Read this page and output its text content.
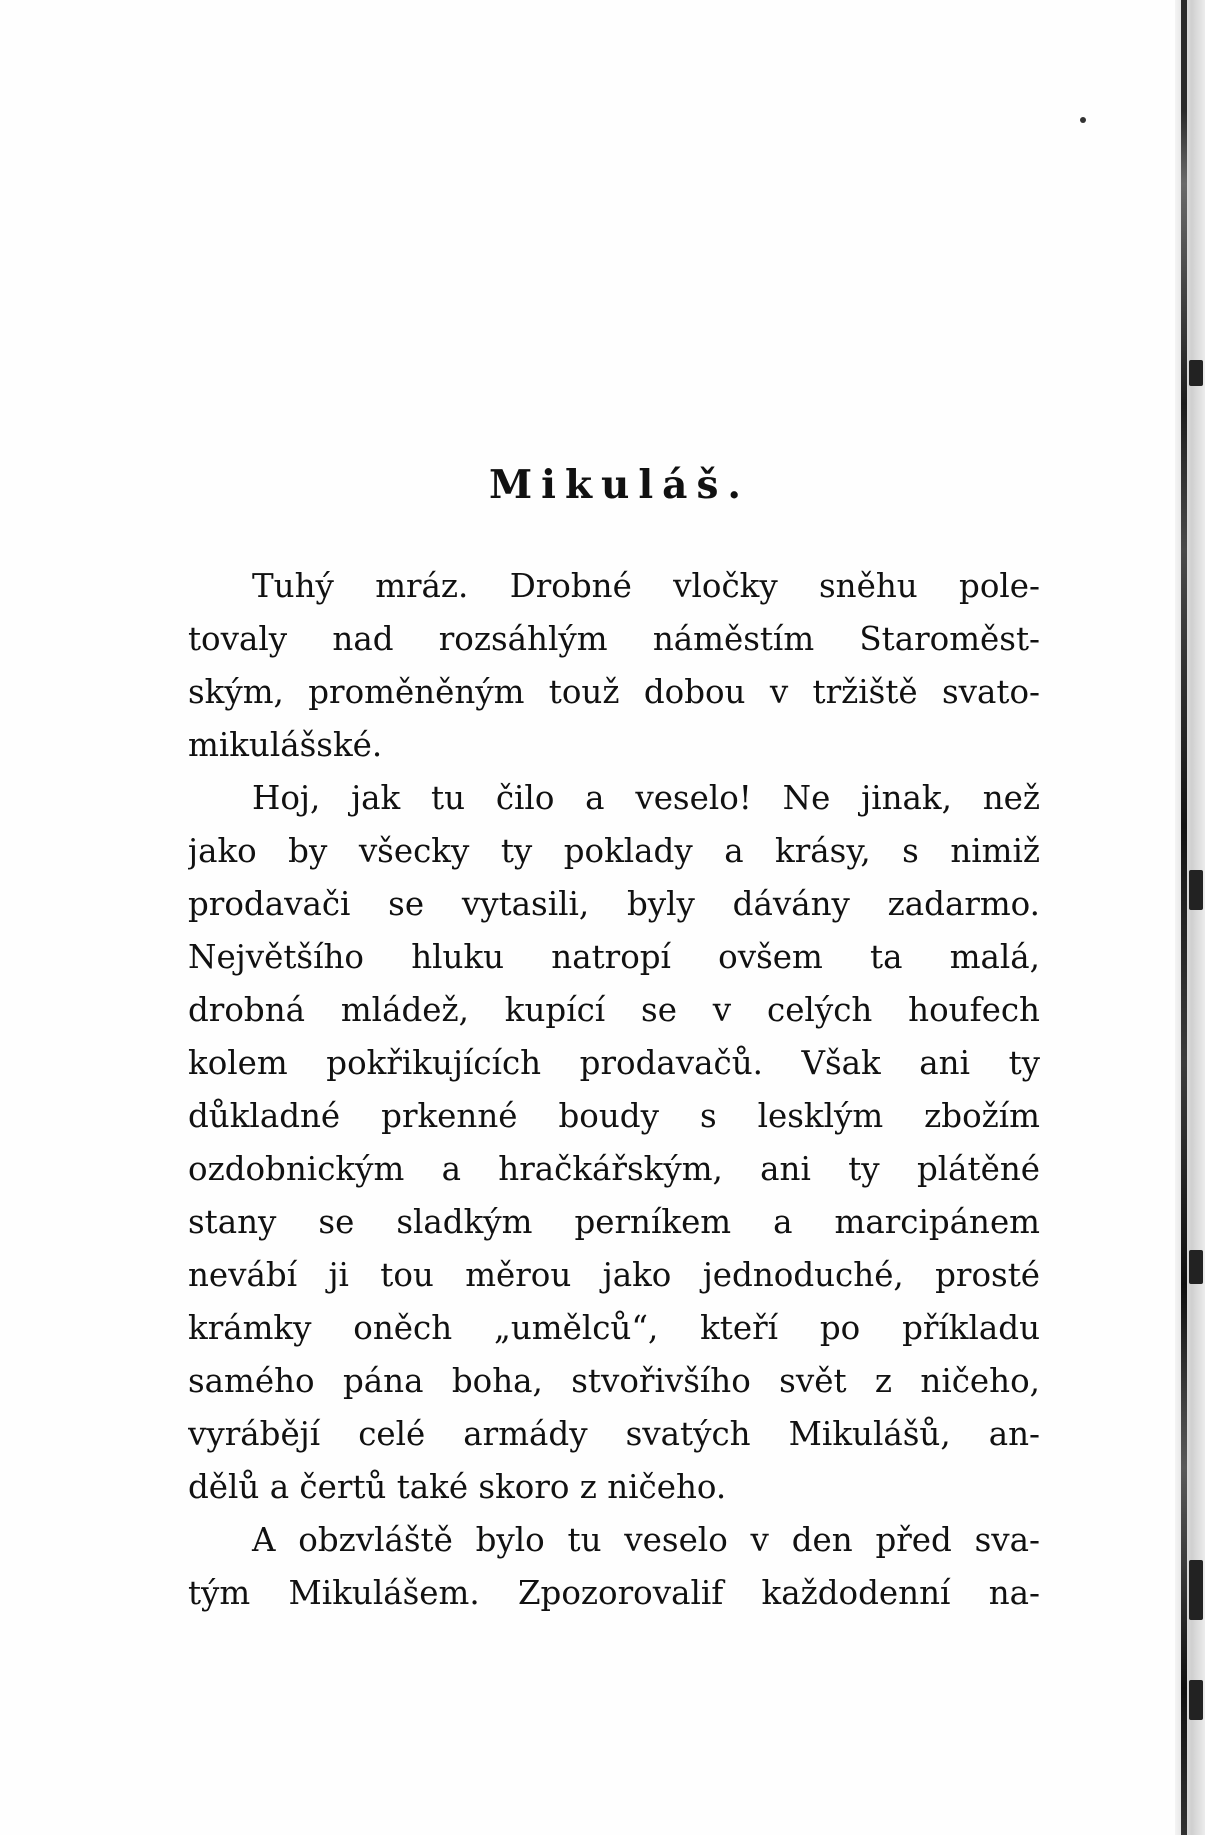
Mikuláš.
Tuhý mráz. Drobné vločky sněhu pole-
tovaly nad rozsáhlým náměstím Staroměst-
ským, proměněným touž dobou v tržiště svato-
mikulášské.
Hoj, jak tu čilo a veselo! Ne jinak, než
jako by všecky ty poklady a krásy, s nimiž
prodavači se vytasili, byly dávány zadarmo.
Největšího hluku natropí ovšem ta malá,
drobná mládež, kupící se v celých houfech
kolem pokřikujících prodavačů. Však ani ty
důkladné prkenné boudy s lesklým zbožím
ozdobnickým a hračkářským, ani ty plátěné
stany se sladkým perníkem a marcipánem
nevábí ji tou měrou jako jednoduché, prosté
krámky oněch „umělců“, kteří po příkladu
samého pána boha, stvořivšího svět z ničeho,
vyrábějí celé armády svatých Mikulášů, an-
dělů a čertů také skoro z ničeho.
A obzvláště bylo tu veselo v den před sva-
tým Mikulášem. Zpozorovalif každodenní na-
